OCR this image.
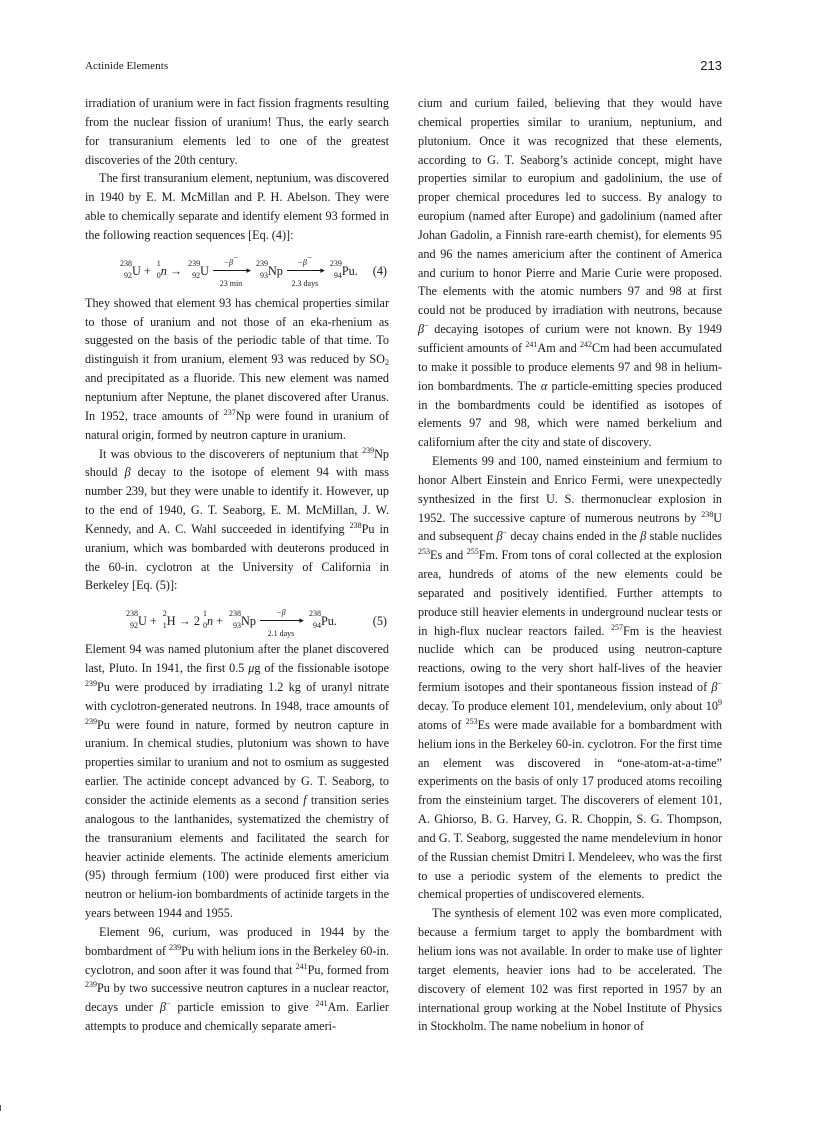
Actinide Elements	213

irradiation of uranium were in fact fission fragments resulting from the nuclear fission of uranium! Thus, the early search for transuranium elements led to one of the greatest discoveries of the 20th century.

The first transuranium element, neptunium, was discovered in 1940 by E. M. McMillan and P. H. Abelson. They were able to chemically separate and identify element 93 formed in the following reaction sequences [Eq. (4)]:

238
92 U +
1
0 n →
239
92 U
−β−
▸
23 min
239
93 Np
−β−
▸
2.3 days
239
94 Pu. (4)

They showed that element 93 has chemical properties similar to those of uranium and not those of an eka-rhenium as suggested on the basis of the periodic table of that time. To distinguish it from uranium, element 93 was reduced by $SO_2$ and precipitated as a fluoride. This new element was named neptunium after Neptune, the planet discovered after Uranus. In 1952, trace amounts of $^{237}$Np were found in uranium of natural origin, formed by neutron capture in uranium.

It was obvious to the discoverers of neptunium that $^{239}$Np should β decay to the isotope of element 94 with mass number 239, but they were unable to identify it. However, up to the end of 1940, G. T. Seaborg, E. M. McMillan, J. W. Kennedy, and A. C. Wahl succeeded in identifying $^{238}$Pu in uranium, which was bombarded with deuterons produced in the 60-in. cyclotron at the University of California in Berkeley [Eq. (5)]:

238
92 U +
2
1 H → 2
1
0 n +
238
93 Np
−β
▸
2.1 days
238
94 Pu.	(5)

Element 94 was named plutonium after the planet discovered last, Pluto. In 1941, the first 0.5 μg of the fissionable isotope $^{239}$Pu were produced by irradiating 1.2 kg of uranyl nitrate with cyclotron-generated neutrons. In 1948, trace amounts of $^{239}$Pu were found in nature, formed by neutron capture in uranium. In chemical studies, plutonium was shown to have properties similar to uranium and not to osmium as suggested earlier. The actinide concept advanced by G. T. Seaborg, to consider the actinide elements as a second f transition series analogous to the lanthanides, systematized the chemistry of the transuranium elements and facilitated the search for heavier actinide elements. The actinide elements americium (95) through fermium (100) were produced first either via neutron or helium-ion bombardments of actinide targets in the years between 1944 and 1955.

Element 96, curium, was produced in 1944 by the bombardment of $^{239}$Pu with helium ions in the Berkeley 60-in. cyclotron, and soon after it was found that $^{241}$Pu, formed from $^{239}$Pu by two successive neutron captures in a nuclear reactor, decays under β− particle emission to give $^{241}$Am. Earlier attempts to produce and chemically separate ameri-

cium and curium failed, believing that they would have chemical properties similar to uranium, neptunium, and plutonium. Once it was recognized that these elements, according to G. T. Seaborg’s actinide concept, might have properties similar to europium and gadolinium, the use of proper chemical procedures led to success. By analogy to europium (named after Europe) and gadolinium (named after Johan Gadolin, a Finnish rare-earth chemist), for elements 95 and 96 the names americium after the continent of America and curium to honor Pierre and Marie Curie were proposed. The elements with the atomic numbers 97 and 98 at first could not be produced by irradiation with neutrons, because β− decaying isotopes of curium were not known. By 1949 sufficient amounts of $^{241}$Am and $^{242}$Cm had been accumulated to make it possible to produce elements 97 and 98 in helium-ion bombardments. The α particle-emitting species produced in the bombardments could be identified as isotopes of elements 97 and 98, which were named berkelium and californium after the city and state of discovery.

Elements 99 and 100, named einsteinium and fermium to honor Albert Einstein and Enrico Fermi, were unexpectedly synthesized in the first U. S. thermonuclear explosion in 1952. The successive capture of numerous neutrons by $^{238}$U and subsequent β− decay chains ended in the β stable nuclides $^{253}$Es and $^{255}$Fm. From tons of coral collected at the explosion area, hundreds of atoms of the new elements could be separated and positively identified. Further attempts to produce still heavier elements in underground nuclear tests or in high-flux nuclear reactors failed. $^{257}$Fm is the heaviest nuclide which can be produced using neutron-capture reactions, owing to the very short half-lives of the heavier fermium isotopes and their spontaneous fission instead of β− decay. To produce element 101, mendelevium, only about $10^9$ atoms of $^{253}$Es were made available for a bombardment with helium ions in the Berkeley 60-in. cyclotron. For the first time an element was discovered in “one-atom-at-a-time” experiments on the basis of only 17 produced atoms recoiling from the einsteinium target. The discoverers of element 101, A. Ghiorso, B. G. Harvey, G. R. Choppin, S. G. Thompson, and G. T. Seaborg, suggested the name mendelevium in honor of the Russian chemist Dmitri I. Mendeleev, who was the first to use a periodic system of the elements to predict the chemical properties of undiscovered elements.

The synthesis of element 102 was even more complicated, because a fermium target to apply the bombardment with helium ions was not available. In order to make use of lighter target elements, heavier ions had to be accelerated. The discovery of element 102 was first reported in 1957 by an international group working at the Nobel Institute of Physics in Stockholm. The name nobelium in honor of
